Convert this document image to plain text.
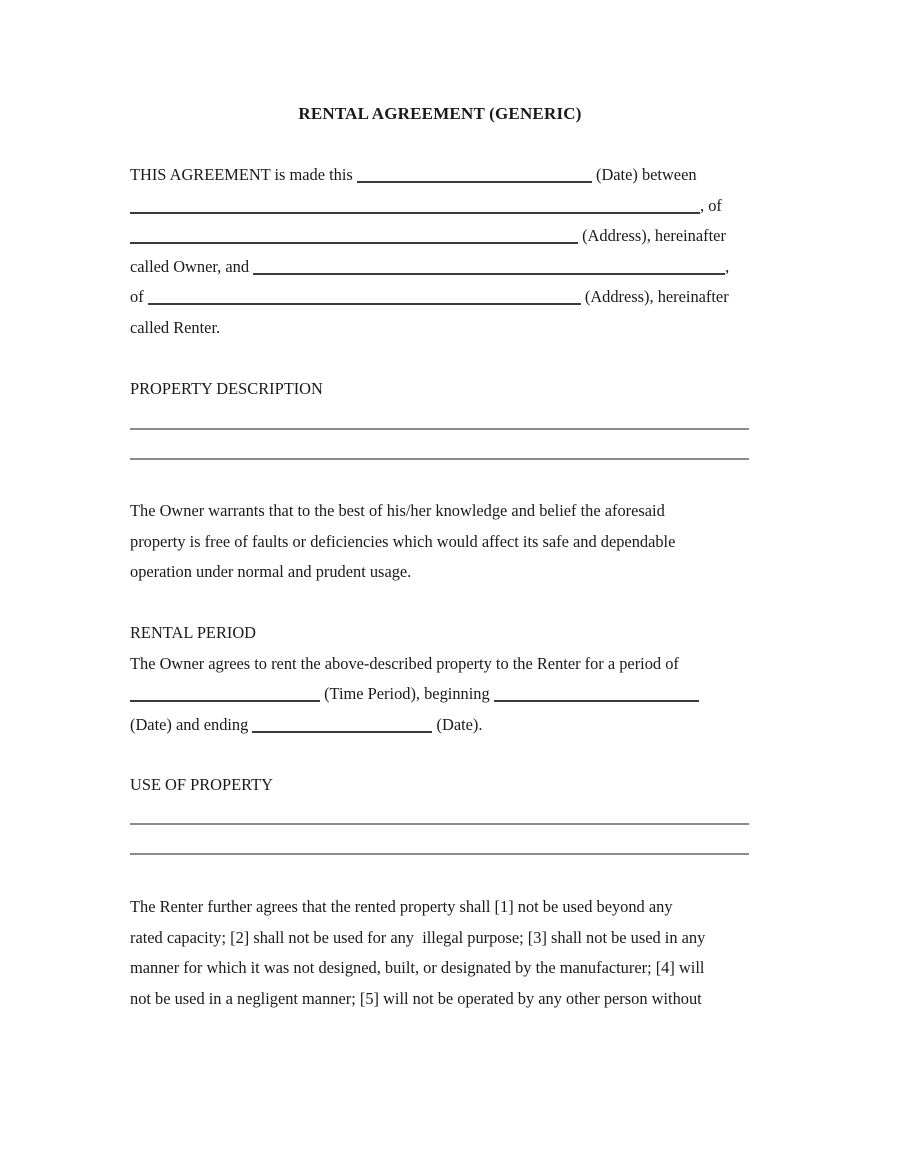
RENTAL AGREEMENT (GENERIC)
THIS AGREEMENT is made this	(Date) between
, of
(Address), hereinafter
called Owner, and	,
of	(Address), hereinafter
called Renter.
PROPERTY DESCRIPTION
The Owner warrants that to the best of his/her knowledge and belief the aforesaid
property is free of faults or deficiencies which would affect its safe and dependable
operation under normal and prudent usage.
RENTAL PERIOD
The Owner agrees to rent the above-described property to the Renter for a period of
(Time Period), beginning
(Date) and ending	(Date).
USE OF PROPERTY
The Renter further agrees that the rented property shall [1] not be used beyond any
rated capacity; [2] shall not be used for any  illegal purpose; [3] shall not be used in any
manner for which it was not designed, built, or designated by the manufacturer; [4] will
not be used in a negligent manner; [5] will not be operated by any other person without
